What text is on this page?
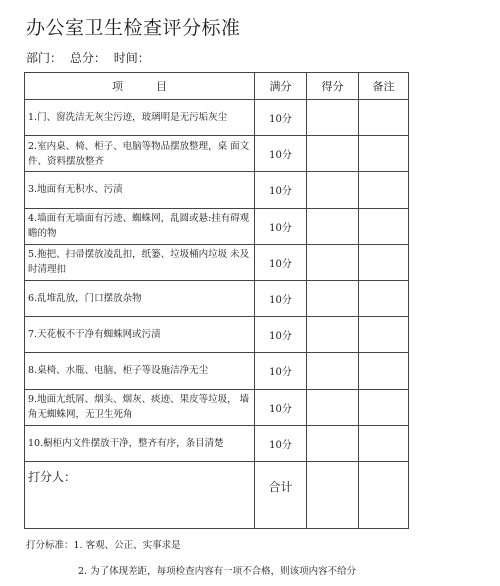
办公室卫生检查评分标准
部门： 总分： 时间：
项　　　目	满分	得分	备注
1.门、窗洗洁无灰尘污迹，玻璃明是无污垢灰尘	10分		
2.室内桌、椅、柜子、电脑等物品摆放整理，桌 面文件、资料摆放整齐	10分		
3.地面有无积水、污渍	10分		
4.墙面有无墙面有污迹、蜘蛛网，乱圆或悬:挂有碍观瞻的物	10分		
5.拖把、扫帚摆放凌乱扣，纸篓、垃圾桶内垃圾 未及时清理扣	10分		
6.乱堆乱放，门口摆放杂物	10分		
7.天花板不干净有蜘蛛网或污渍	10分		
8.桌椅、水瓶、电脑、柜子等设施洁净无尘	10分		
9.地面尢纸屑、烟头、烟灰、痰迹、果皮等垃圾， 墙角无蜘蛛网，无卫生死角	10分		
10.橱柜内文件摆放干净，整齐有序，条目清楚	10分		

打分人：	合计		

打分标准：1. 客观、公正、实事求是
2. 为了体现差距，每项检查内容有一项不合格，则该项内容不给分
